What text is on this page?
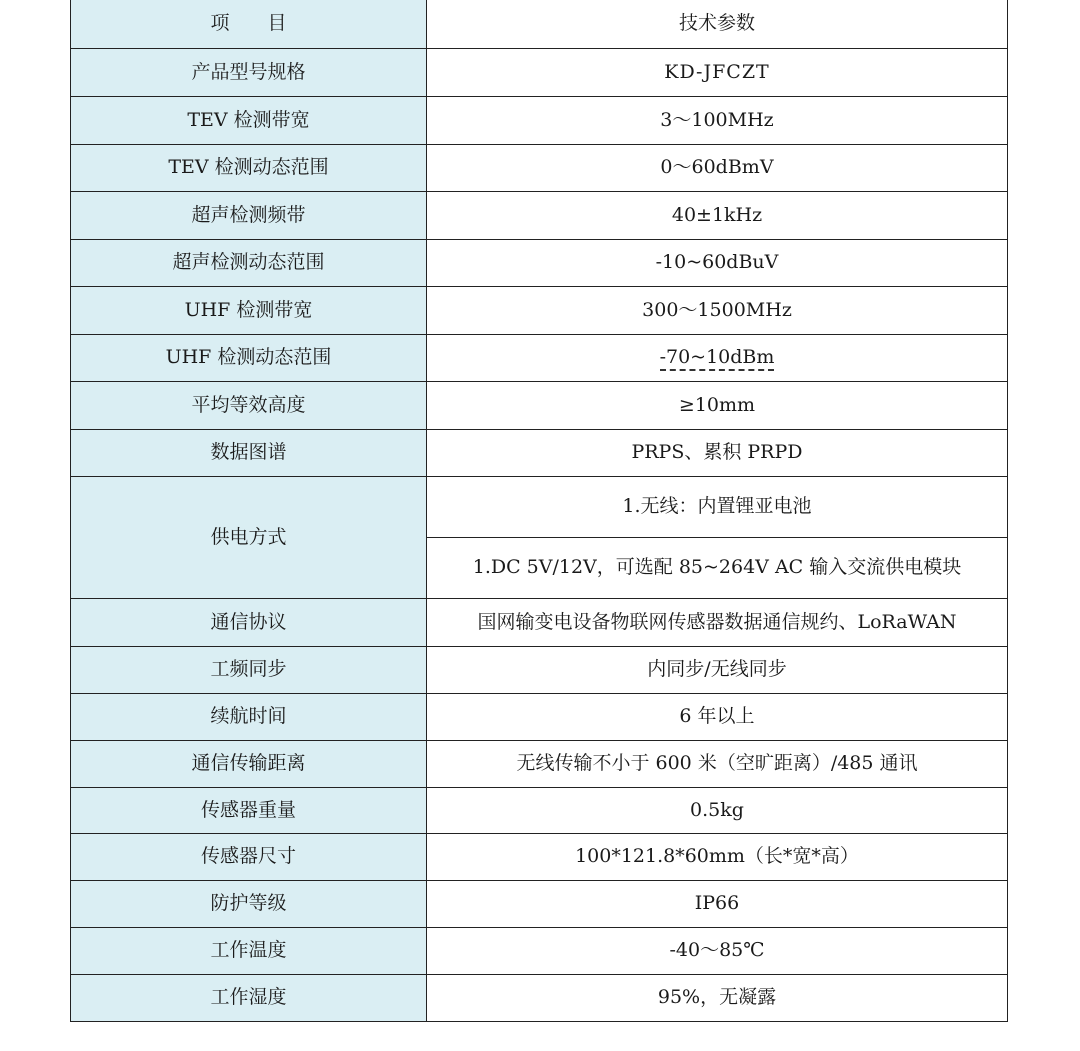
项　　目	技术参数
产品型号规格	KD-JFCZT
TEV 检测带宽	3～100MHz
TEV 检测动态范围	0～60dBmV
超声检测频带	40±1kHz
超声检测动态范围	-10~60dBuV
UHF 检测带宽	300～1500MHz
UHF 检测动态范围	-70~10dBm
平均等效高度	≥10mm
数据图谱	PRPS、累积 PRPD
供电方式	1.无线：内置锂亚电池
	1.DC 5V/12V，可选配 85~264V AC 输入交流供电模块
通信协议	国网输变电设备物联网传感器数据通信规约、LoRaWAN
工频同步	内同步/无线同步
续航时间	6 年以上
通信传输距离	无线传输不小于 600 米（空旷距离）/485 通讯
传感器重量	0.5kg
传感器尺寸	100*121.8*60mm（长*宽*高）
防护等级	IP66
工作温度	-40～85℃
工作湿度	95%，无凝露
